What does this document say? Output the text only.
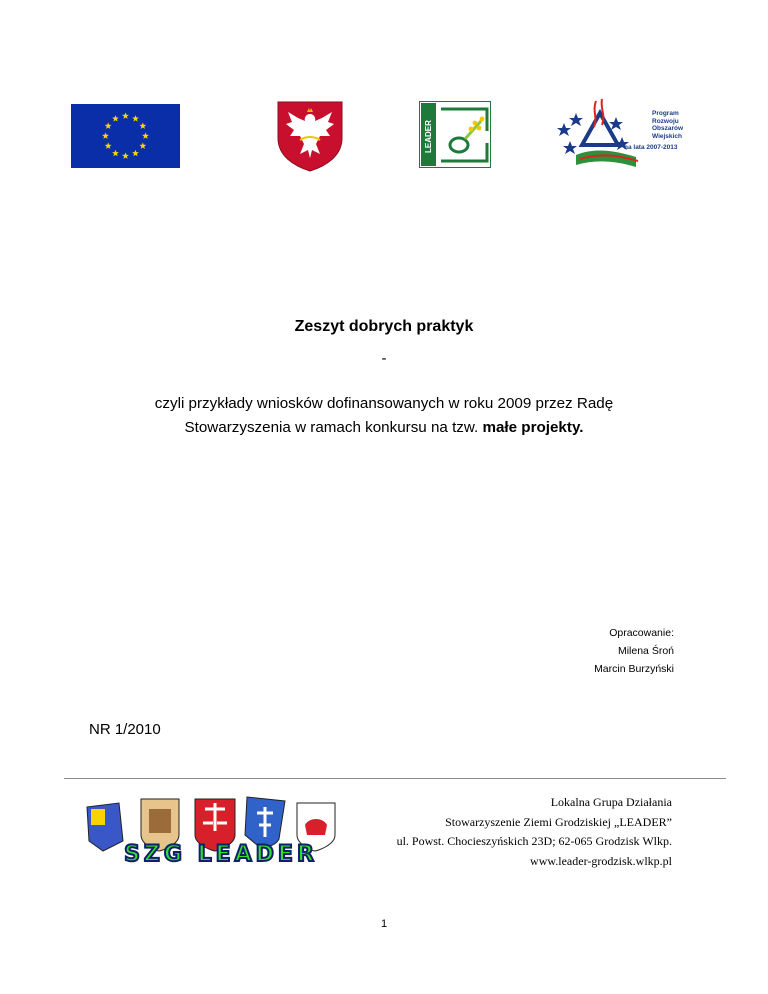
LEADER
Program
Rozwoju
Obszarów
Wiejskich
na lata 2007-2013
Zeszyt dobrych praktyk
-
czyli przykłady wniosków dofinansowanych w roku 2009 przez Radę
Stowarzyszenia w ramach konkursu na tzw. małe projekty.
Opracowanie:
Milena Śroń
Marcin Burzyński
NR 1/2010
SZG LEADER
Lokalna Grupa Działania
Stowarzyszenie Ziemi Grodziskiej „LEADER”
ul. Powst. Chocieszyńskich 23D; 62-065 Grodzisk Wlkp.
www.leader-grodzisk.wlkp.pl
1
